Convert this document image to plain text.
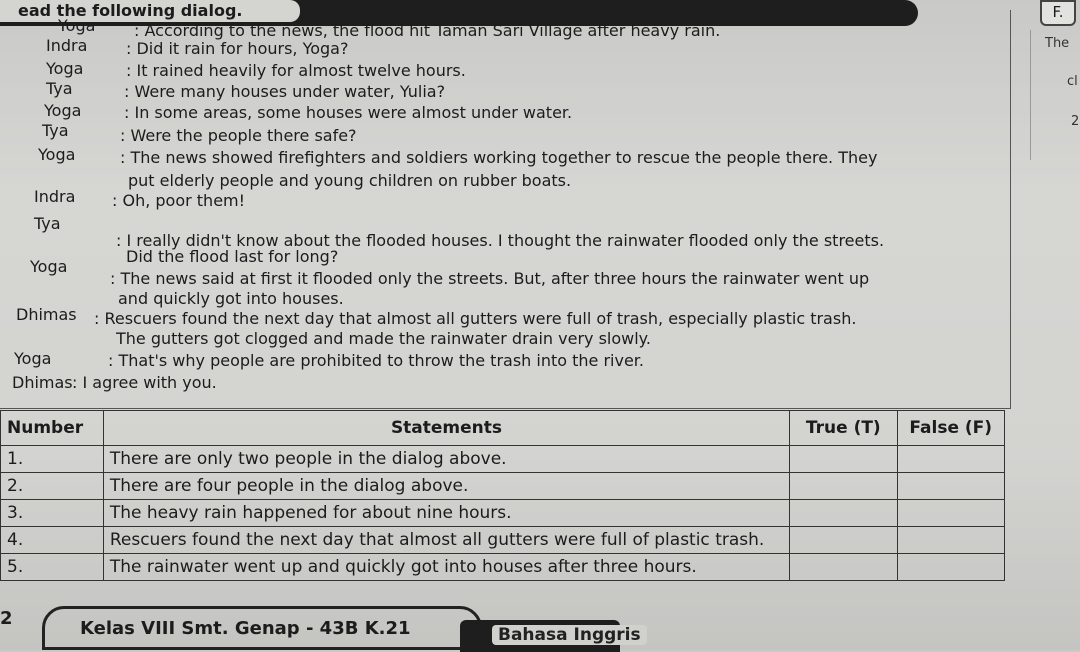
ead the following dialog.	F.
The
cl
2
Yoga : According to the news, the flood hit Taman Sari Village after heavy rain.
Indra : Did it rain for hours, Yoga?
Yoga	: It rained heavily for almost twelve hours.
Tya	: Were many houses under water, Yulia?
Yoga	: In some areas, some houses were almost under water.
Tya	: Were the people there safe?
Yoga	: The news showed firefighters and soldiers working together to rescue the people there. They
put elderly people and young children on rubber boats.
Indra : Oh, poor them!
Tya
: I really didn't know about the flooded houses. I thought the rainwater flooded only the streets.
Did the flood last for long?
Yoga
: The news said at first it flooded only the streets. But, after three hours the rainwater went up
and quickly got into houses.
Dhimas : Rescuers found the next day that almost all gutters were full of trash, especially plastic trash.
The gutters got clogged and made the rainwater drain very slowly.
Yoga	: That's why people are prohibited to throw the trash into the river.
Dhimas : I agree with you.
Number	Statements	True (T)	False (F)
1.	There are only two people in the dialog above.		
2.	There are four people in the dialog above.		
3.	The heavy rain happened for about nine hours.		
4.	Rescuers found the next day that almost all gutters were full of plastic trash.		
5.	The rainwater went up and quickly got into houses after three hours.		
2	Kelas VIII Smt. Genap - 43B K.21	Bahasa Inggris
